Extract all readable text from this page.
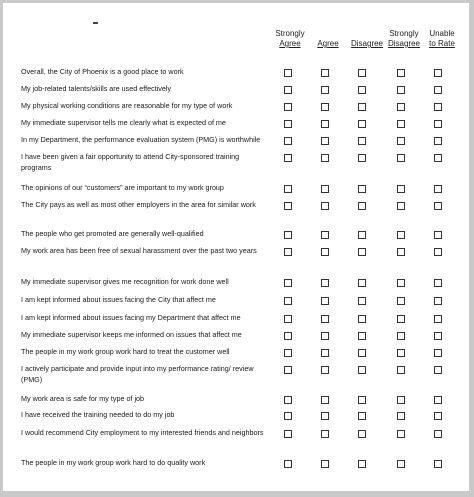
Strongly
Agree
	Agree
	Disagree
Strongly
Disagree
Unable
to Rate
Overall, the City of Phoenix is a good place to work
My job-related talents/skills are used effectively
My physical working conditions are reasonable for my type of work
My immediate supervisor tells me clearly what is expected of me
In my Department, the performance evaluation system (PMG) is worthwhile
I have been given a fair opportunity to attend City-sponsored training programs
The opinions of our “customers” are important to my work group
The City pays as well as most other employers in the area for similar work
The people who get promoted are generally well-qualified
My work area has been free of sexual harassment over the past two years
My immediate supervisor gives me recognition for work done well
I am kept informed about issues facing the City that affect me
I am kept informed about issues facing my Department that affect me
My immediate supervisor keeps me informed on issues that affect me
The people in my work group work hard to treat the customer well
I actively participate and provide input into my performance rating/ review (PMG)
My work area is safe for my type of job
I have received the training needed to do my job
I would recommend City employment to my interested friends and neighbors
The people in my work group work hard to do quality work
